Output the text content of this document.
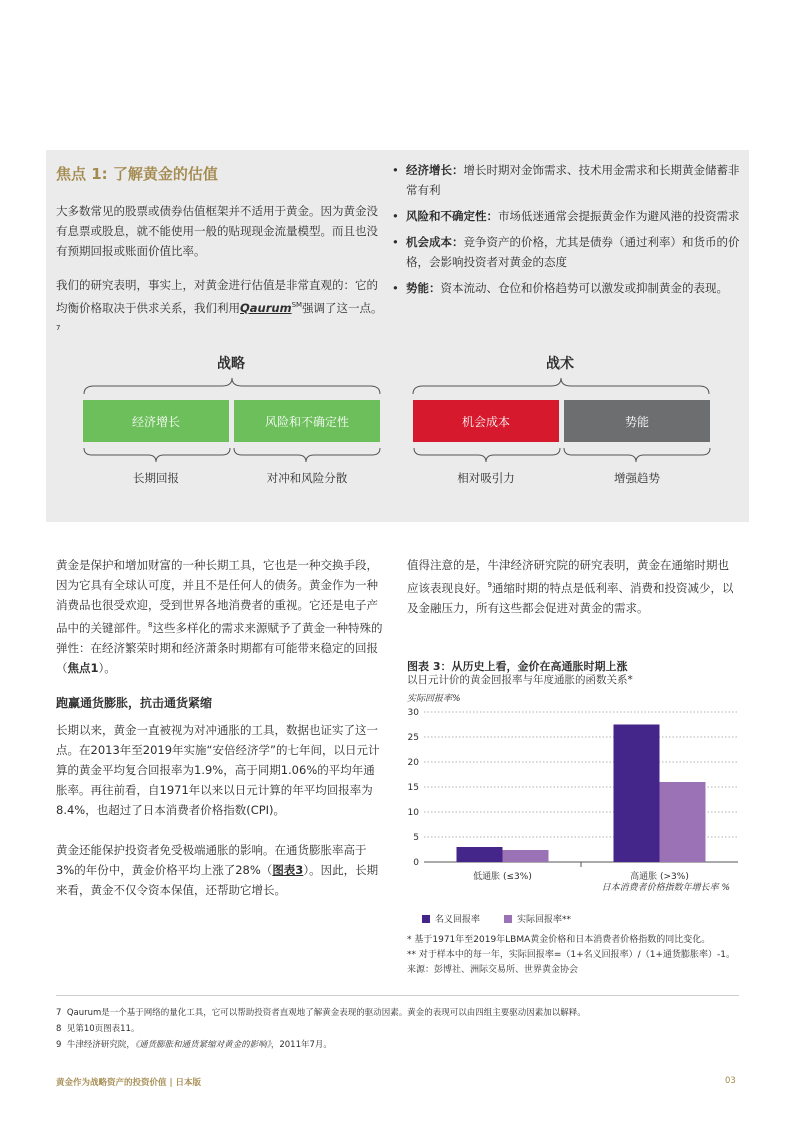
焦点 1: 了解黄金的估值
大多数常见的股票或债券估值框架并不适用于黄金。因为黄金没有息票或股息，就不能使用一般的贴现现金流量模型。而且也没有预期回报或账面价值比率。
我们的研究表明，事实上，对黄金进行估值是非常直观的：它的均衡价格取决于供求关系，我们利用Qaurum℠强调了这一点。$^7$
• 经济增长：增长时期对金饰需求、技术用金需求和长期黄金储蓄非常有利
• 风险和不确定性：市场低迷通常会提振黄金作为避风港的投资需求
• 机会成本：竞争资产的价格，尤其是债券（通过利率）和货币的价格，会影响投资者对黄金的态度
• 势能：资本流动、仓位和价格趋势可以激发或抑制黄金的表现。
战略	战术
经济增长	风险和不确定性	机会成本	势能
长期回报	对冲和风险分散	相对吸引力	增强趋势
黄金是保护和增加财富的一种长期工具，它也是一种交换手段，因为它具有全球认可度，并且不是任何人的债务。黄金作为一种消费品也很受欢迎，受到世界各地消费者的重视。它还是电子产品中的关键部件。$^8$这些多样化的需求来源赋予了黄金一种特殊的弹性：在经济繁荣时期和经济萧条时期都有可能带来稳定的回报（焦点1）。
跑赢通货膨胀，抗击通货紧缩
长期以来，黄金一直被视为对冲通胀的工具，数据也证实了这一点。在2013年至2019年实施“安倍经济学”的七年间，以日元计算的黄金平均复合回报率为1.9%，高于同期1.06%的平均年通胀率。再往前看，自1971年以来以日元计算的年平均回报率为8.4%，也超过了日本消费者价格指数(CPI)。
黄金还能保护投资者免受极端通胀的影响。在通货膨胀率高于3%的年份中，黄金价格平均上涨了28%（图表3）。因此，长期来看，黄金不仅令资本保值，还帮助它增长。
值得注意的是，牛津经济研究院的研究表明，黄金在通缩时期也应该表现良好。$^9$通缩时期的特点是低利率、消费和投资减少，以及金融压力，所有这些都会促进对黄金的需求。
图表 3：从历史上看，金价在高通胀时期上涨
以日元计价的黄金回报率与年度通胀的函数关系*
实际回报率%
0
5
10
15
20
25
30
低通胀 (≤3%)	高通胀 (>3%)
日本消费者价格指数年增长率 %
名义回报率	实际回报率**
* 基于1971年至2019年LBMA黄金价格和日本消费者价格指数的同比变化。
** 对于样本中的每一年，实际回报率=（1+名义回报率）/（1+通货膨胀率）-1。
来源：彭博社、洲际交易所、世界黄金协会
7 Qaurum是一个基于网络的量化工具，它可以帮助投资者直观地了解黄金表现的驱动因素。黄金的表现可以由四组主要驱动因素加以解释。
8 见第10页图表11。
9 牛津经济研究院，《通货膨胀和通货紧缩对黄金的影响》，2011年7月。
黄金作为战略资产的投资价值 | 日本版	03
